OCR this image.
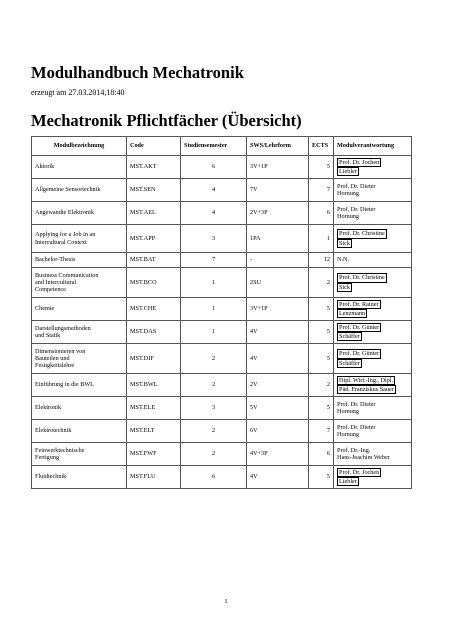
Modulhandbuch Mechatronik
erzeugt am 27.03.2014,18:40
Mechatronik Pflichtfächer (Übersicht)
Modulbezeichnung	Code	Studiensemester	SWS/Lehrform	ECTS	Modulverantwortung
Aktorik	MST.AKT	6	3V+1P	5	Prof. Dr. Jochen
Liebler
Allgemeine Sensortechnik	MST.SEN	4	7V	7	Prof. Dr. Dieter
Hornung
Angewandte Elektronik	MST.AEL	4	2V+3P	6	Prof. Dr. Dieter
Hornung
Applying for a Job in an
Intercultural Context	MST.APP	3	1PA	1	Prof. Dr. Christine
Sick
Bachelor-Thesis	MST.BAT	7	-	12	N.N.
Business Communication
and Intercultural
Competence	MST.BCO	1	2SU	2	Prof. Dr. Christine
Sick
Chemie	MST.CHE	1	3V+1P	5	Prof. Dr. Rainer
Lenzmann
Darstellungsmethoden
und Statik	MST.DAS	1	4V	5	Prof. Dr. Günter
Schäffer
Dimensionieren von
Bauteilen und
Festigkeitslehre	MST.DIF	2	4V	5	Prof. Dr. Günter
Schäffer
Einführung in die BWL	MST.BWL	2	2V	2	Dipl. Wirt.-Ing., Dipl.
Päd. Franziskus Sauer
Elektronik	MST.ELE	3	5V	5	Prof. Dr. Dieter
Hornung
Elektrotechnik	MST.ELT	2	6V	7	Prof. Dr. Dieter
Hornung
Feinwerktechnische
Fertigung	MST.FWF	2	4V+3P	6	Prof. Dr.-Ing.
Hans-Joachim Weber
Fluidtechnik	MST.FLU	6	4V	5	Prof. Dr. Jochen
Liebler
1
